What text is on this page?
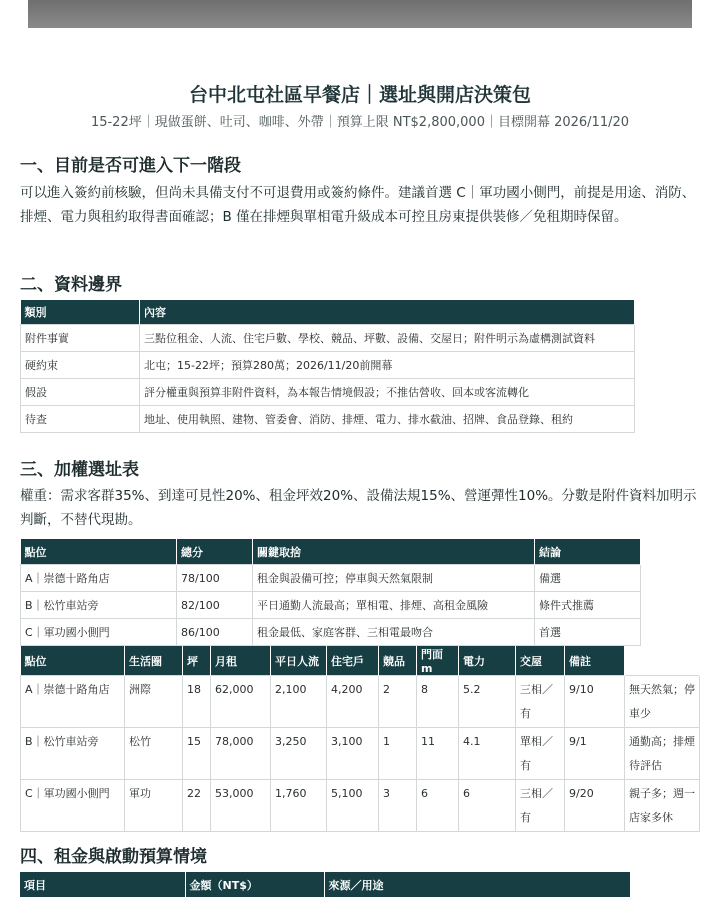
台中北屯社區早餐店｜選址與開店決策包
15-22坪｜現做蛋餅、吐司、咖啡、外帶｜預算上限 NT$2,800,000｜目標開幕 2026/11/20
一、目前是否可進入下一階段

可以進入簽約前核驗，但尚未具備支付不可退費用或簽約條件。建議首選 C｜軍功國小側門，前提是用途、消防、排煙、電力與租約取得書面確認；B 僅在排煙與單相電升級成本可控且房東提供裝修／免租期時保留。

二、資料邊界
類別	內容
附件事實	三點位租金、人流、住宅戶數、學校、競品、坪數、設備、交屋日；附件明示為虛構測試資料
硬約束	北屯；15-22坪；預算280萬；2026/11/20前開幕
假設	評分權重與預算非附件資料，為本報告情境假設；不推估營收、回本或客流轉化
待查	地址、使用執照、建物、管委會、消防、排煙、電力、排水截油、招牌、食品登錄、租約
三、加權選址表

權重：需求客群35%、到達可見性20%、租金坪效20%、設備法規15%、營運彈性10%。分數是附件資料加明示判斷，不替代現勘。

點位	總分	關鍵取捨	結論
A｜崇德十路角店	78/100	租金與設備可控；停車與天然氣限制	備選
B｜松竹車站旁	82/100	平日通勤人流最高；單相電、排煙、高租金風險	條件式推薦
C｜軍功國小側門	86/100	租金最低、家庭客群、三相電最吻合	首選
點位	生活圈	坪	月租	平日人流	住宅戶	競品	門面m	電力	交屋	備註	
A｜崇德十路角店	洲際	18	62,000	2,100	4,200	2	8	5.2	三相／有	9/10	無天然氣；停車少
B｜松竹車站旁	松竹	15	78,000	3,250	3,100	1	11	4.1	單相／有	9/1	通勤高；排煙待評估
C｜軍功國小側門	軍功	22	53,000	1,760	5,100	3	6	6	三相／有	9/20	親子多；週一店家多休
四、租金與啟動預算情境
項目	金額（NT$）	來源／用途
